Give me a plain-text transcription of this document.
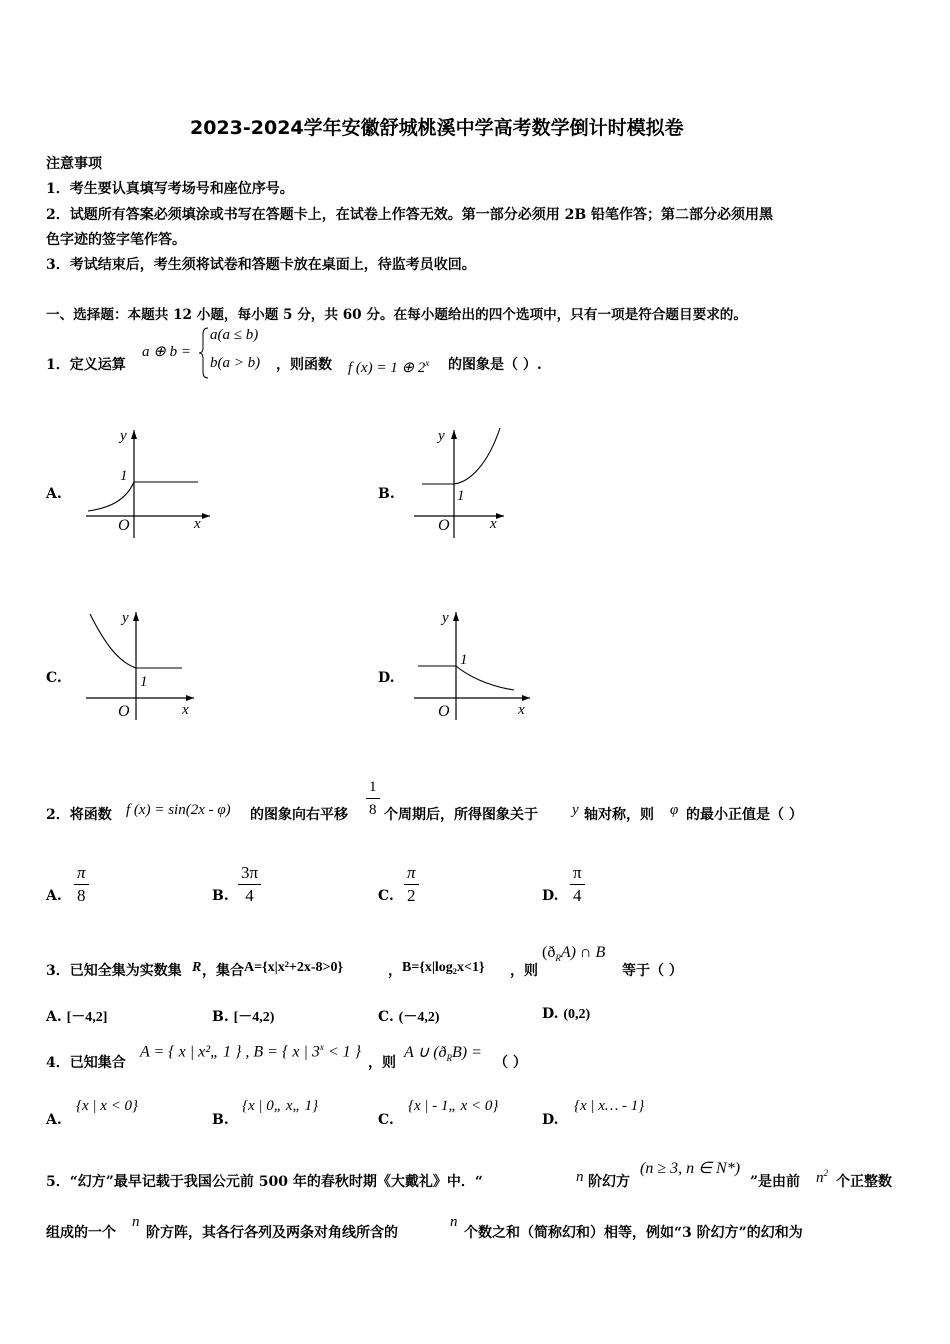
2023-2024学年安徽舒城桃溪中学高考数学倒计时模拟卷
注意事项
1．考生要认真填写考场号和座位序号。
2．试题所有答案必须填涂或书写在答题卡上，在试卷上作答无效。第一部分必须用 2B 铅笔作答；第二部分必须用黑
色字迹的签字笔作答。
3．考试结束后，考生须将试卷和答题卡放在桌面上，待监考员收回。
一、选择题：本题共 12 小题，每小题 5 分，共 60 分。在每小题给出的四个选项中，只有一项是符合题目要求的。
1．定义运算
a ⊕ b =
a(a ≤ b)
b(a > b) ，则函数 f (x) = 1 ⊕ 2$^x$ 的图象是（ ）.
A.
y
x
O
1
B.
y
x
O
1
C.
y
x
O
1	D.
y
x
O
1
2．将函数 f (x) = sin(2x - φ) 的图象向右平移 $\frac{1}{8}$ 个周期后，所得图象关于 y 轴对称，则 φ 的最小正值是（ ）
A. $\frac{\pi}{8}$	B. $\frac{3\pi}{4}$	C. $\frac{\pi}{2}$	D. $\frac{\pi}{4}$
3．已知全集为实数集 R ，集合 A={x|x²+2x-8>0}	， B={x|log₂x<1} ，则
$(ð_RA)$ ∩ B
等于（ ）
A. [－4,2]	B. [－4,2)	C. (－4,2)	D. (0,2)
4．已知集合
A = { x | x²„ 1 } , B = { x | $3^x < 1$ }
，则
A ∪ $(ð_RB)$ =
（ ）
A.
{x | x < 0}
B.
{x | 0„ x„ 1}
C.
{x | - 1„ x < 0}
D.
{x | x… - 1}
5．“幻方”最早记载于我国公元前 500 年的春秋时期《大戴礼》中．“	n 阶幻方
(n ≥ 3, n ∈ N*)
”是由前 $n^2$
个正整数
组成的一个
n
阶方阵，其各行各列及两条对角线所含的
n
个数之和（简称幻和）相等，例如“3 阶幻方”的幻和为
